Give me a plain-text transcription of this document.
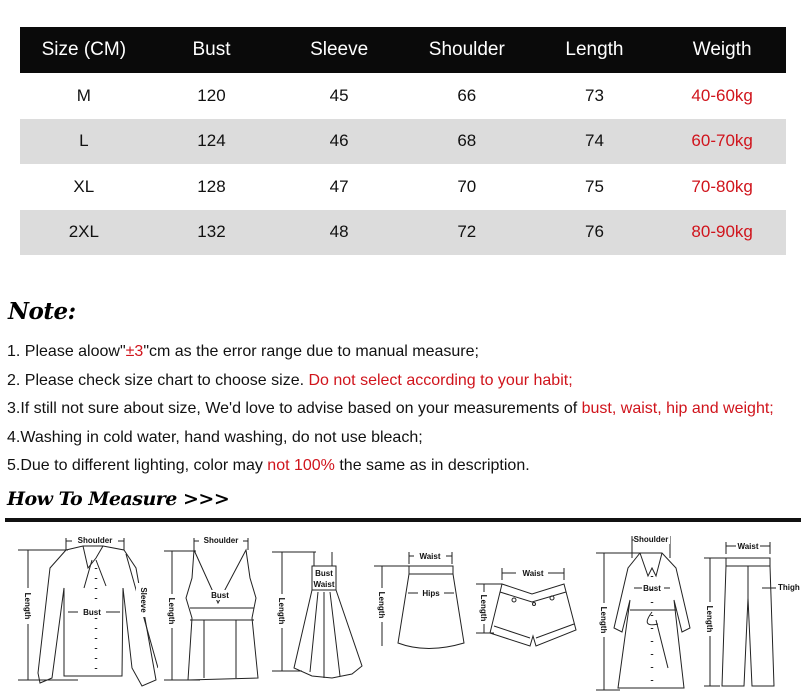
Size (CM)	Bust	Sleeve	Shoulder	Length	Weigth
M	120	45	66	73	40-60kg
L	124	46	68	74	60-70kg
XL	128	47	70	75	70-80kg
2XL	132	48	72	76	80-90kg
Note:
1. Please aloow"±3"cm as the error range due to manual measure;
2. Please check size chart to choose size. Do not select according to your habit;
3.If still not sure about size, We'd love to advise based on your measurements of bust, waist, hip and weight;
4.Washing in cold water, hand washing, do not use bleach;
5.Due to different lighting, color may not 100% the same as in description.
How To Measure >>>
Shoulder
Length	Bust	Sleeve
Shoulder
Length
Bust
Length
Bust
Waist
Waist
Length	Hips
Waist
Length
Shoulder
Length
Bust
Waist
Length
Thigh
